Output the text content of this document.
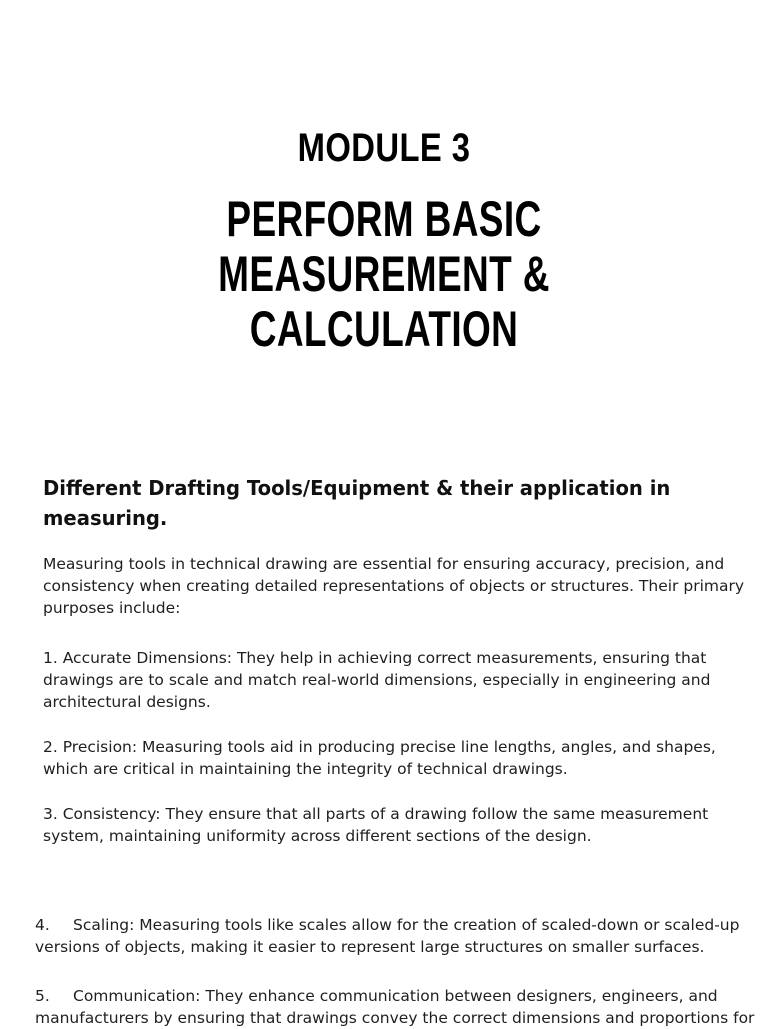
MODULE 3
PERFORM BASIC MEASUREMENT &
CALCULATION
Different Drafting Tools/Equipment & their application in measuring.

Measuring tools in technical drawing are essential for ensuring accuracy, precision, and consistency when creating detailed representations of objects or structures. Their primary purposes include:

1. Accurate Dimensions: They help in achieving correct measurements, ensuring that drawings are to scale and match real-world dimensions, especially in engineering and architectural designs.

2. Precision: Measuring tools aid in producing precise line lengths, angles, and shapes, which are critical in maintaining the integrity of technical drawings.

3. Consistency: They ensure that all parts of a drawing follow the same measurement system, maintaining uniformity across different sections of the design.

4. Scaling: Measuring tools like scales allow for the creation of scaled-down or scaled-up versions of objects, making it easier to represent large structures on smaller surfaces.

5. Communication: They enhance communication between designers, engineers, and manufacturers by ensuring that drawings convey the correct dimensions and proportions for
